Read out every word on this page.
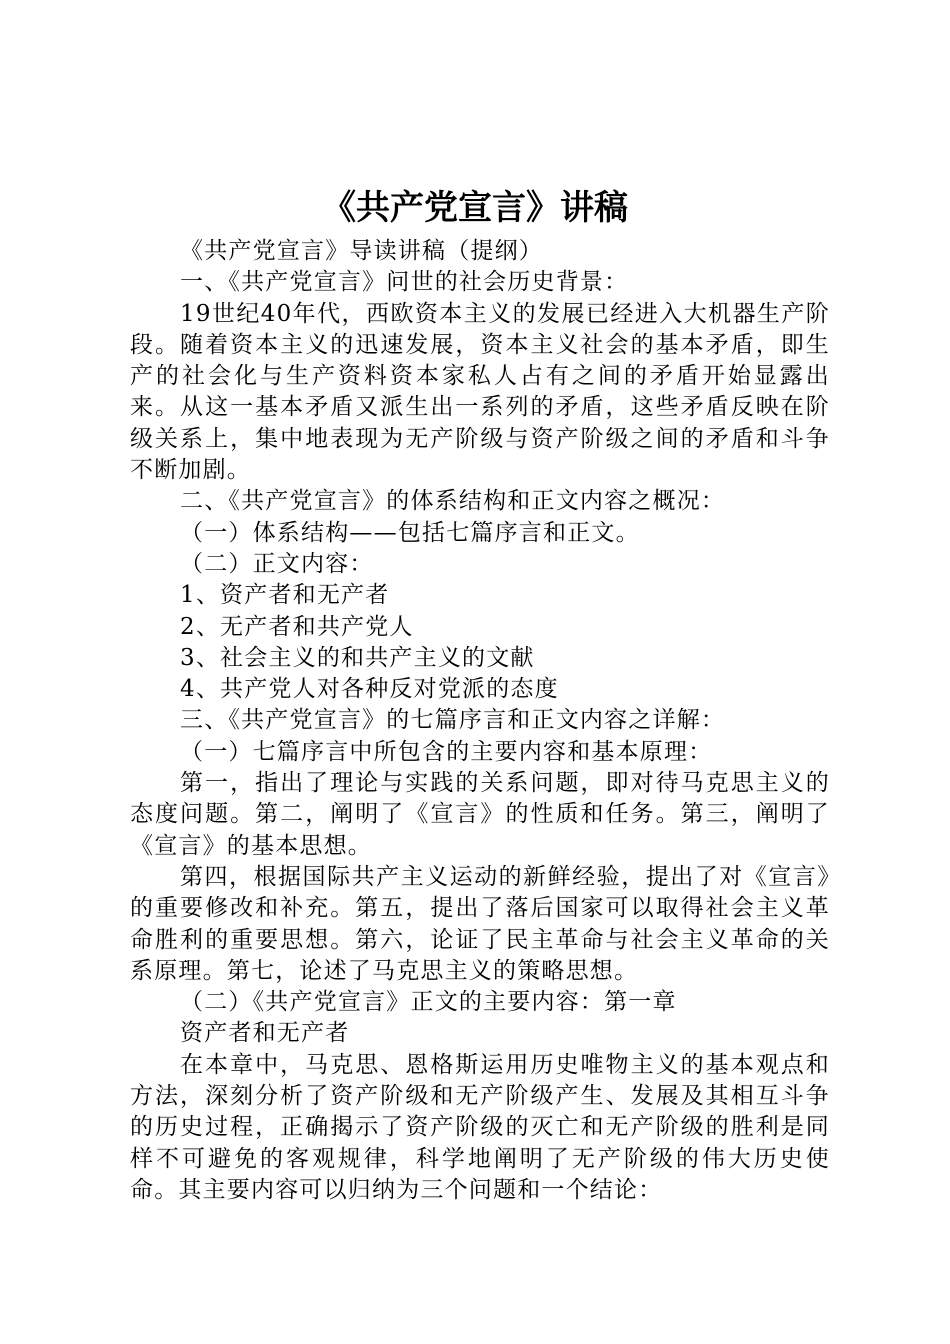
《共产党宣言》讲稿

《共产党宣言》导读讲稿（提纲）

一、《共产党宣言》问世的社会历史背景：

19世纪40年代，西欧资本主义的发展已经进入大机器生产阶段。随着资本主义的迅速发展，资本主义社会的基本矛盾，即生产的社会化与生产资料资本家私人占有之间的矛盾开始显露出来。从这一基本矛盾又派生出一系列的矛盾，这些矛盾反映在阶级关系上，集中地表现为无产阶级与资产阶级之间的矛盾和斗争不断加剧。

二、《共产党宣言》的体系结构和正文内容之概况：

（一）体系结构——包括七篇序言和正文。

（二）正文内容：

1、资产者和无产者

2、无产者和共产党人

3、社会主义的和共产主义的文献

4、共产党人对各种反对党派的态度

三、《共产党宣言》的七篇序言和正文内容之详解：

（一）七篇序言中所包含的主要内容和基本原理：

第一，指出了理论与实践的关系问题，即对待马克思主义的态度问题。第二，阐明了《宣言》的性质和任务。第三，阐明了《宣言》的基本思想。

第四，根据国际共产主义运动的新鲜经验，提出了对《宣言》的重要修改和补充。第五，提出了落后国家可以取得社会主义革命胜利的重要思想。第六，论证了民主革命与社会主义革命的关系原理。第七，论述了马克思主义的策略思想。

（二）《共产党宣言》正文的主要内容：第一章

资产者和无产者

在本章中，马克思、恩格斯运用历史唯物主义的基本观点和方法，深刻分析了资产阶级和无产阶级产生、发展及其相互斗争的历史过程，正确揭示了资产阶级的灭亡和无产阶级的胜利是同样不可避免的客观规律，科学地阐明了无产阶级的伟大历史使命。其主要内容可以归纳为三个问题和一个结论：
